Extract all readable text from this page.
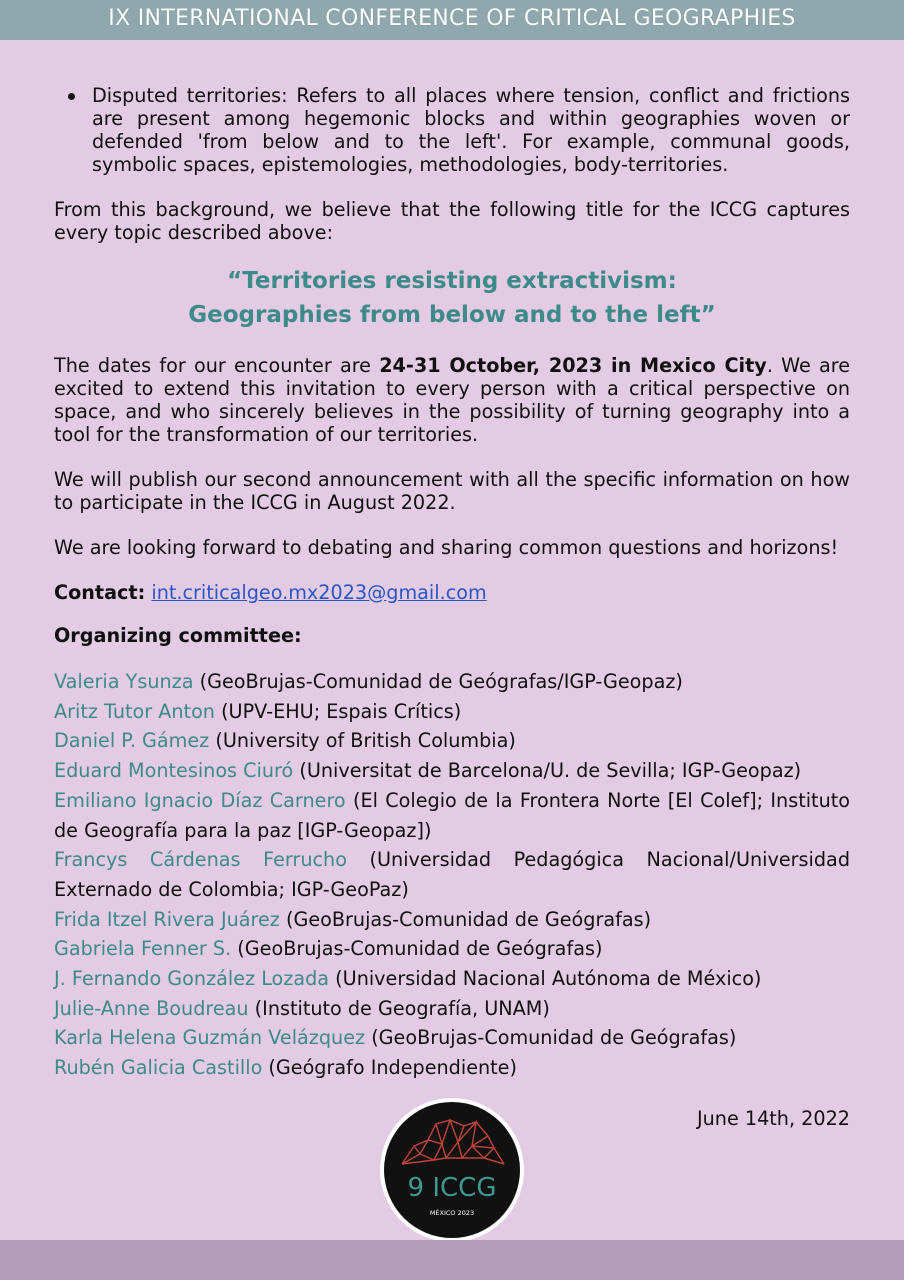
IX INTERNATIONAL CONFERENCE OF CRITICAL GEOGRAPHIES
Disputed territories: Refers to all places where tension, conflict and frictions are present among hegemonic blocks and within geographies woven or defended 'from below and to the left'. For example, communal goods, symbolic spaces, epistemologies, methodologies, body-territories.

From this background, we believe that the following title for the ICCG captures every topic described above:

“Territories resisting extractivism:
Geographies from below and to the left”

The dates for our encounter are 24-31 October, 2023 in Mexico City. We are excited to extend this invitation to every person with a critical perspective on space, and who sincerely believes in the possibility of turning geography into a tool for the transformation of our territories.

We will publish our second announcement with all the specific information on how to participate in the ICCG in August 2022.

We are looking forward to debating and sharing common questions and horizons!

Contact: int.criticalgeo.mx2023@gmail.com

Organizing committee:
Valeria Ysunza (GeoBrujas-Comunidad de Geógrafas/IGP-Geopaz)
Aritz Tutor Anton (UPV-EHU; Espais Crítics)
Daniel P. Gámez (University of British Columbia)
Eduard Montesinos Ciuró (Universitat de Barcelona/U. de Sevilla; IGP-Geopaz)
Emiliano Ignacio Díaz Carnero (El Colegio de la Frontera Norte [El Colef]; Instituto de Geografía para la paz [IGP-Geopaz])
Francys Cárdenas Ferrucho (Universidad Pedagógica Nacional/Universidad Externado de Colombia; IGP-GeoPaz)
Frida Itzel Rivera Juárez (GeoBrujas-Comunidad de Geógrafas)
Gabriela Fenner S. (GeoBrujas-Comunidad de Geógrafas)
J. Fernando González Lozada (Universidad Nacional Autónoma de México)
Julie-Anne Boudreau (Instituto de Geografía, UNAM)
Karla Helena Guzmán Velázquez (GeoBrujas-Comunidad de Geógrafas)
Rubén Galicia Castillo (Geógrafo Independiente)
June 14th, 2022
9 ICCG
MÉXICO 2023
